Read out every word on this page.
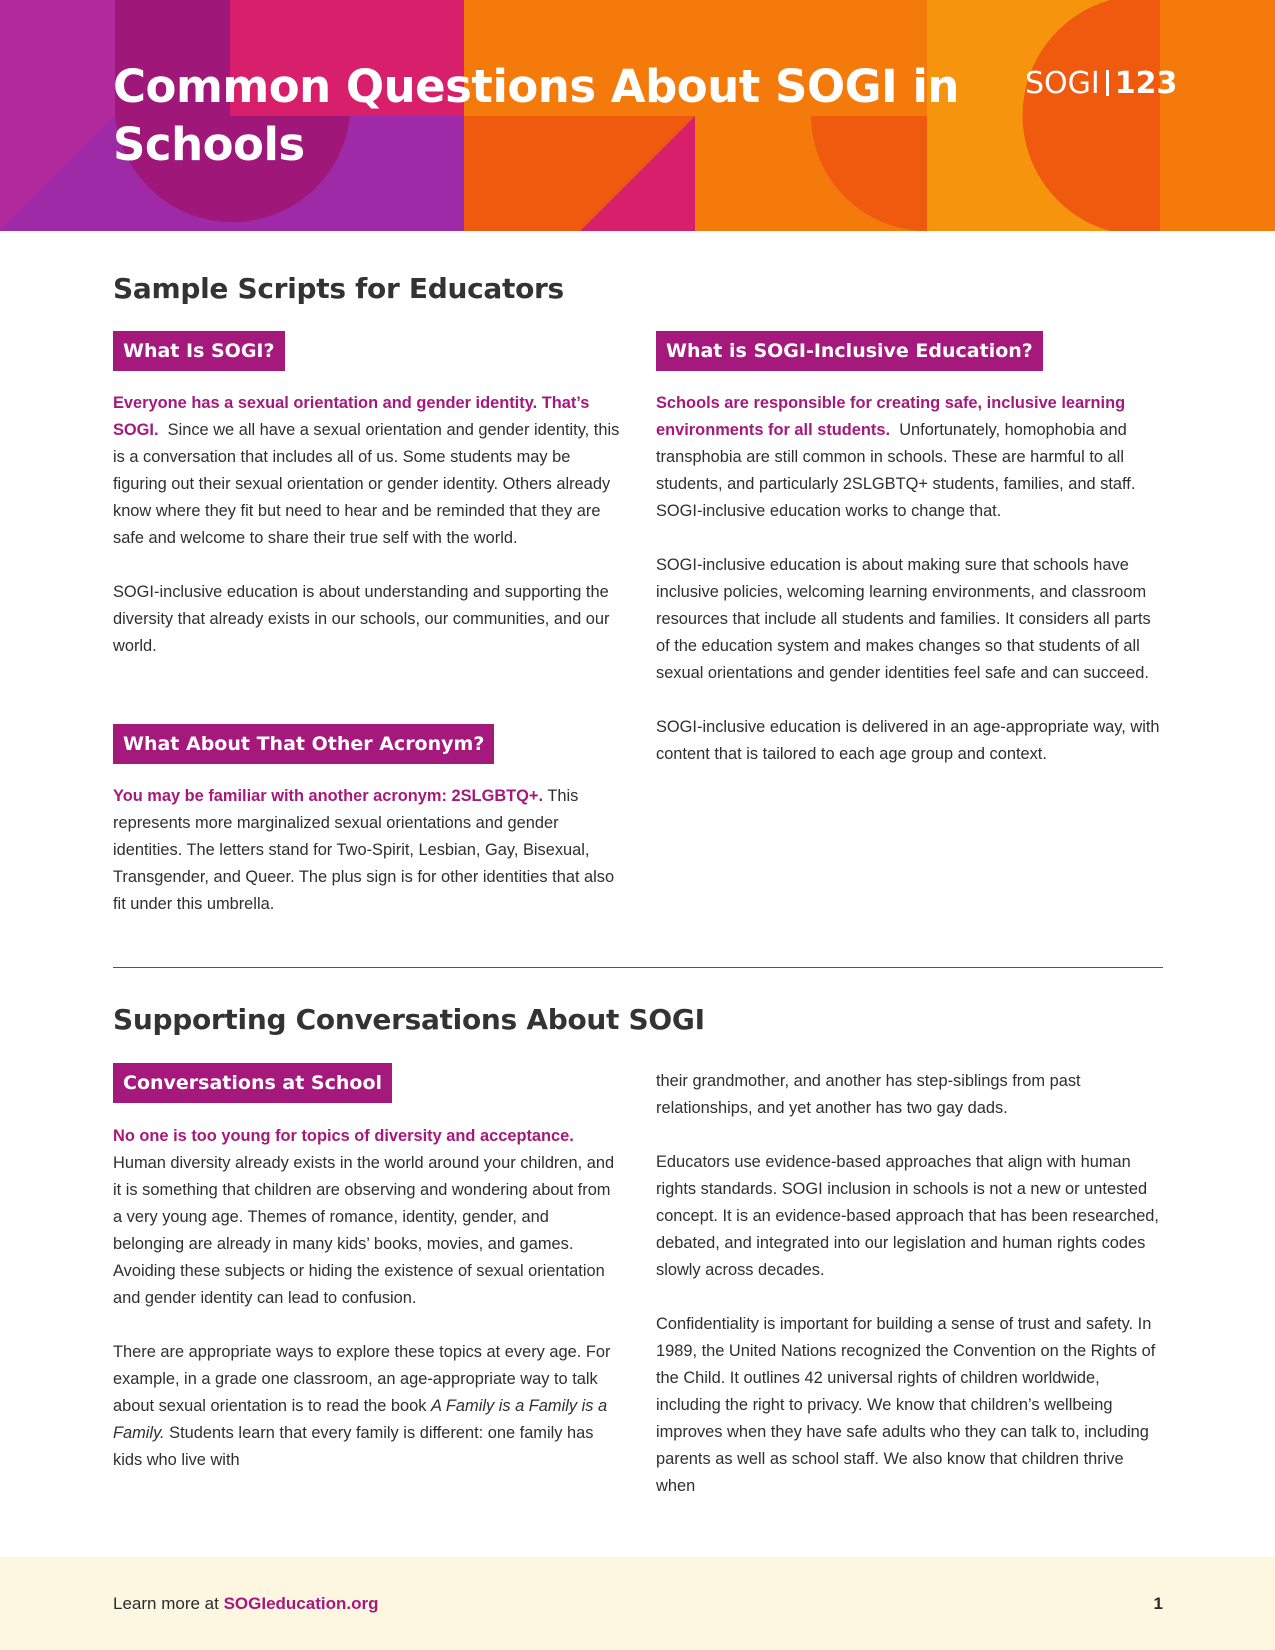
Common Questions About SOGI in Schools
SOGI 123
Sample Scripts for Educators
What Is SOGI?

Everyone has a sexual orientation and gender identity. That’s SOGI. Since we all have a sexual orientation and gender identity, this is a conversation that includes all of us. Some students may be figuring out their sexual orientation or gender identity. Others already know where they fit but need to hear and be reminded that they are safe and welcome to share their true self with the world.

SOGI-inclusive education is about understanding and supporting the diversity that already exists in our schools, our communities, and our world.

What About That Other Acronym?

You may be familiar with another acronym: 2SLGBTQ+. This represents more marginalized sexual orientations and gender identities. The letters stand for Two-Spirit, Lesbian, Gay, Bisexual, Transgender, and Queer. The plus sign is for other identities that also fit under this umbrella.

What is SOGI-Inclusive Education?

Schools are responsible for creating safe, inclusive learning environments for all students. Unfortunately, homophobia and transphobia are still common in schools. These are harmful to all students, and particularly 2SLGBTQ+ students, families, and staff. SOGI-inclusive education works to change that.

SOGI-inclusive education is about making sure that schools have inclusive policies, welcoming learning environments, and classroom resources that include all students and families. It considers all parts of the education system and makes changes so that students of all sexual orientations and gender identities feel safe and can succeed.

SOGI-inclusive education is delivered in an age-appropriate way, with content that is tailored to each age group and context.

Supporting Conversations About SOGI
Conversations at School

No one is too young for topics of diversity and acceptance. Human diversity already exists in the world around your children, and it is something that children are observing and wondering about from a very young age. Themes of romance, identity, gender, and belonging are already in many kids’ books, movies, and games. Avoiding these subjects or hiding the existence of sexual orientation and gender identity can lead to confusion.

There are appropriate ways to explore these topics at every age. For example, in a grade one classroom, an age-appropriate way to talk about sexual orientation is to read the book A Family is a Family is a Family. Students learn that every family is different: one family has kids who live with

their grandmother, and another has step-siblings from past relationships, and yet another has two gay dads.

Educators use evidence-based approaches that align with human rights standards. SOGI inclusion in schools is not a new or untested concept. It is an evidence-based approach that has been researched, debated, and integrated into our legislation and human rights codes slowly across decades.

Confidentiality is important for building a sense of trust and safety. In 1989, the United Nations recognized the Convention on the Rights of the Child. It outlines 42 universal rights of children worldwide, including the right to privacy. We know that children’s wellbeing improves when they have safe adults who they can talk to, including parents as well as school staff. We also know that children thrive when

Learn more at SOGIeducation.org	1
